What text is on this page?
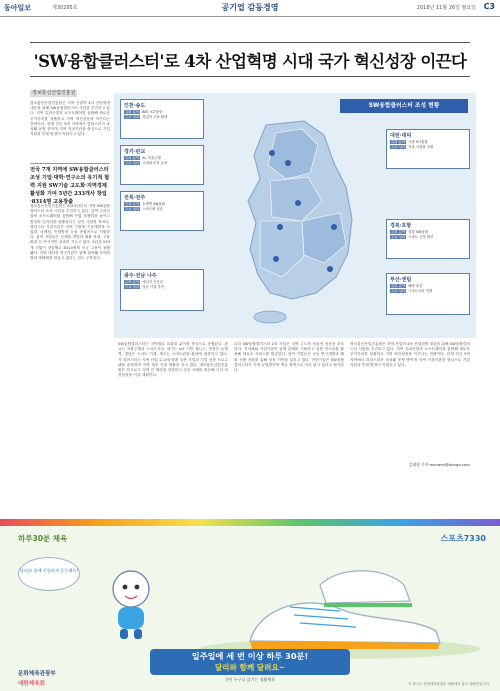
동아일보	제30295호	공기업 감동경영	2018년 11월 26일 월요일 C3
'SW융합클러스터'로 4차 산업혁명 시대 국가 혁신성장 이끈다
정보통신산업진흥원
정보통신산업진흥원은 지역 산업의 4차 산업혁명 대응을 위해 SW융합클러스터 사업을 추진하고 있다. 지역 특화산업과 소프트웨어를 융합해 새로운 부가가치를 창출하고 지역 혁신성장을 이끈다는 전략이다. 현재 전국 9개 지역에서 클러스터가 조성돼 운영 중이며 지역 거점기관을 중심으로 기업 지원과 인재 양성이 이뤄지고 있다.
전국 7개 지역에 SW융합클러스터 조성 기업·대학·연구소의 유기적 협력 지원 SW기술 고도화·지역경제 활성화 기여 5년간 233개사 창업·8314명 고용창출
정보통신산업진흥원은 2015년부터 지역 SW융합클러스터 조성 사업을 추진하고 있다. 지역 주력산업에 소프트웨어를 융합해 산업 경쟁력을 높이고 양질의 일자리를 창출한다는 것이 사업의 목표다. 클러스터 거점기관은 지역 기업에 기술개발과 사업화, 마케팅, 인력양성 등을 종합적으로 지원한다. 참여 기업들은 신제품 개발과 매출 증대, 고용 확대 등 가시적인 성과를 거두고 있다. 5년간 233개 기업이 창업했고 8314명의 신규 고용이 창출됐다. 지역 대학과 연구기관이 함께 참여해 산학연 협력 생태계를 만들고 있다는 점도 주목된다.
SW융합클러스터 조성 현황
인천·송도
특화 분야 BIO, ICT융합
주요 성과 창업과 고용 확대
경기·판교
특화 분야 AI, 자율주행
주요 성과 국내외 투자 유치
전북·전주
특화 분야 농생명 SW융합
주요 성과 스마트팜 실증
광주·전남 나주
특화 분야 에너지 신산업
주요 성과 실증 사업 추진
대전·대덕
특화 분야 국방·ICT융합
주요 성과 기술 사업화 지원
경북·포항
특화 분야 철강 SW융합
주요 성과 스마트 공정 확산
부산·센텀
특화 분야 해양·물류
주요 성과 스마트시티 연계
SW융합클러스터는 지역별로 특화된 분야를 중심으로 운영된다. 판교는 자율주행과 스마트시티, 대구는 IoT 기반 웰니스, 전북은 농생명, 경남은 스마트 기계, 제주는 스마트관광 분야에 집중하고 있다. 각 클러스터는 지역 산업 수요에 맞춘 실증 사업과 기업 성장 프로그램을 운영하며 지역 혁신 거점 역할을 하고 있다. 정보통신산업진흥원은 앞으로도 지역 간 협력을 강화하고 성공 사례를 확산해 국가 혁신성장을 이끌 계획이다.
특히 SW융합클러스터 2.0 사업은 지역 주도의 자율적 혁신을 강조한다. 지자체와 거점기관이 함께 과제를 기획하고 실증 인프라를 활용해 새로운 서비스를 발굴한다. 참여 기업들은 공동 연구개발과 해외 진출 지원을 통해 성장 기반을 넓히고 있다. 전문가들은 SW융합클러스터가 지역 균형발전의 핵심 정책으로 자리 잡고 있다고 평가한다.
정보통신산업진흥원은 지역 산업의 4차 산업혁명 대응을 위해 SW융합클러스터 사업을 추진하고 있다. 지역 특화산업과 소프트웨어를 융합해 새로운 부가가치를 창출하고 지역 혁신성장을 이끈다는 전략이다. 현재 전국 9개 지역에서 클러스터가 조성돼 운영 중이며 지역 거점기관을 중심으로 기업 지원과 인재 양성이 이뤄지고 있다.
김재형 기자 monami@donga.com
하루30분 체육	스포츠7330
달리와 함께 건강하게 운동해요!
일주일에 세 번 이상 하루 30분!
달리와 함께 달려요~
국민 누구나 즐기는 생활체육
문화체육관광부
대한체육회	이 광고는 문화체육관광부 생활체육 홍보 캠페인입니다.
